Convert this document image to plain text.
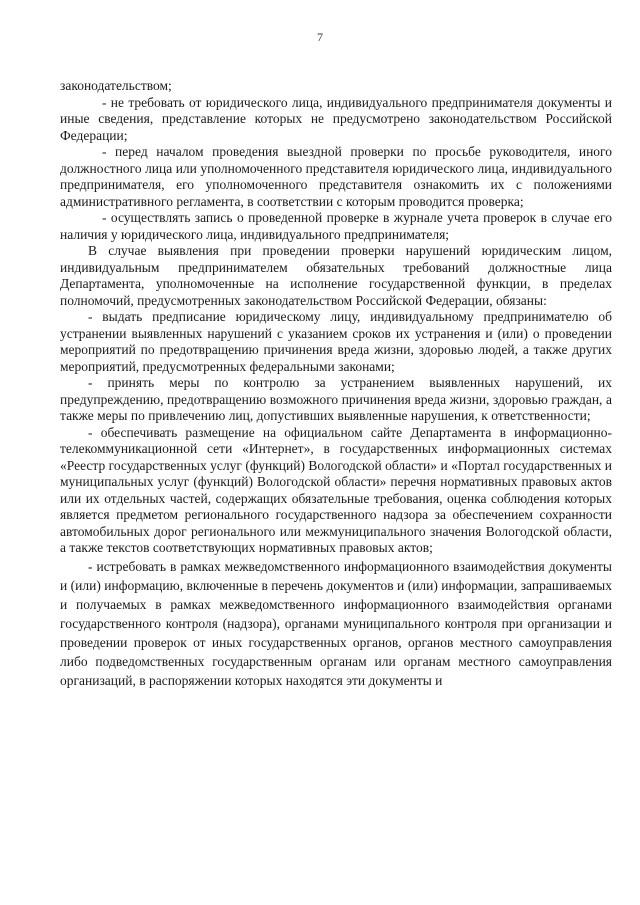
7

законодательством;

- не требовать от юридического лица, индивидуального предпринимателя документы и иные сведения, представление которых не предусмотрено законодательством Российской Федерации;

- перед началом проведения выездной проверки по просьбе руководителя, иного должностного лица или уполномоченного представителя юридического лица, индивидуального предпринимателя, его уполномоченного представителя ознакомить их с положениями административного регламента, в соответствии с которым проводится проверка;

- осуществлять запись о проведенной проверке в журнале учета проверок в случае его наличия у юридического лица, индивидуального предпринимателя;

В случае выявления при проведении проверки нарушений юридическим лицом, индивидуальным предпринимателем обязательных требований должностные лица Департамента, уполномоченные на исполнение государственной функции, в пределах полномочий, предусмотренных законодательством Российской Федерации, обязаны:

- выдать предписание юридическому лицу, индивидуальному предпринимателю об устранении выявленных нарушений с указанием сроков их устранения и (или) о проведении мероприятий по предотвращению причинения вреда жизни, здоровью людей, а также других мероприятий, предусмотренных федеральными законами;

- принять меры по контролю за устранением выявленных нарушений, их предупреждению, предотвращению возможного причинения вреда жизни, здоровью граждан, а также меры по привлечению лиц, допустивших выявленные нарушения, к ответственности;

- обеспечивать размещение на официальном сайте Департамента в информационно-телекоммуникационной сети «Интернет», в государственных информационных системах «Реестр государственных услуг (функций) Вологодской области» и «Портал государственных и муниципальных услуг (функций) Вологодской области» перечня нормативных правовых актов или их отдельных частей, содержащих обязательные требования, оценка соблюдения которых является предметом регионального государственного надзора за обеспечением сохранности автомобильных дорог регионального или межмуниципального значения Вологодской области, а также текстов соответствующих нормативных правовых актов;

- истребовать в рамках межведомственного информационного взаимодействия документы и (или) информацию, включенные в перечень документов и (или) информации, запрашиваемых и получаемых в рамках межведомственного информационного взаимодействия органами государственного контроля (надзора), органами муниципального контроля при организации и проведении проверок от иных государственных органов, органов местного самоуправления либо подведомственных государственным органам или органам местного самоуправления организаций, в распоряжении которых находятся эти документы и
